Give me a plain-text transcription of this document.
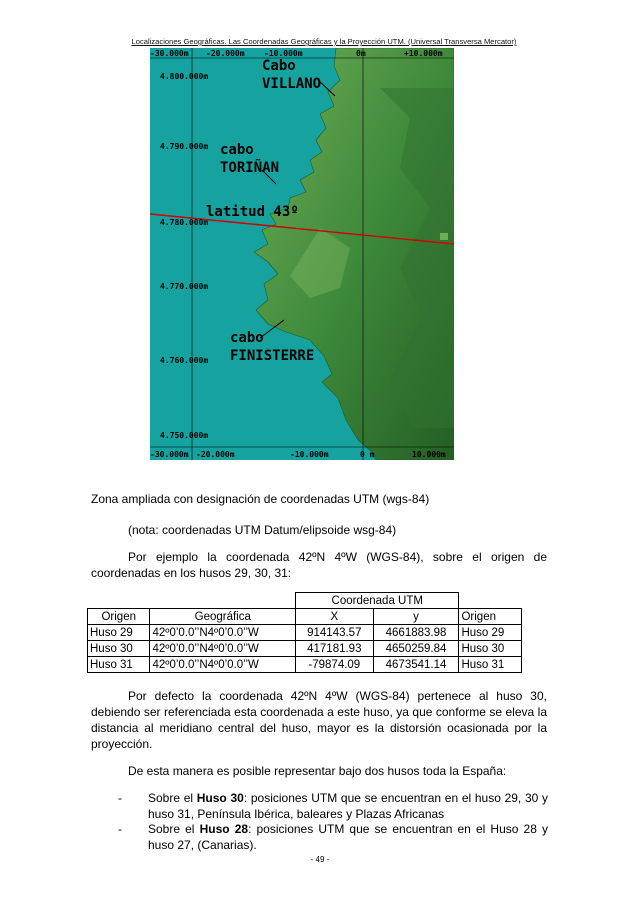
Localizaciones Geográficas. Las Coordenadas Geográficas y la Proyección UTM. (Universal Transversa Mercator)
-30.000m -20.000m -10.000m	0m	+10.000m
4.800.000m
4.790.000m
4.780.000m
4.770.000m
4.760.000m
4.750.000m
-30.000m -20.000m	-10.000m	0 m	10.000m
Cabo
VILLANO
cabo
TORIÑAN
latitud 43º
cabo
FINISTERRE
Zona ampliada con designación de coordenadas UTM (wgs-84)
(nota: coordenadas UTM Datum/elipsoide wsg-84)
Por ejemplo la coordenada 42ºN 4ºW (WGS-84), sobre el origen de coordenadas en los husos 29, 30, 31:
		Coordenada UTM		
Origen	Geográfica	X	y	Origen
Huso 29	42º0’0.0’’N4º0’0.0’’W	914143.57	4661883.98	Huso 29
Huso 30	42º0’0.0’’N4º0’0.0’’W	417181.93	4650259.84	Huso 30
Huso 31	42º0’0.0’’N4º0’0.0’’W	-79874.09	4673541.14	Huso 31
Por defecto la coordenada 42ºN 4ºW (WGS-84) pertenece al huso 30, debiendo ser referenciada esta coordenada a este huso, ya que conforme se eleva la distancia al meridiano central del huso, mayor es la distorsión ocasionada por la proyección.
De esta manera es posible representar bajo dos husos toda la España:
- Sobre el Huso 30: posiciones UTM que se encuentran en el huso 29, 30 y huso 31, Península Ibérica, baleares y Plazas Africanas
- Sobre el Huso 28: posiciones UTM que se encuentran en el Huso 28 y huso 27, (Canarias).
- 49 -
